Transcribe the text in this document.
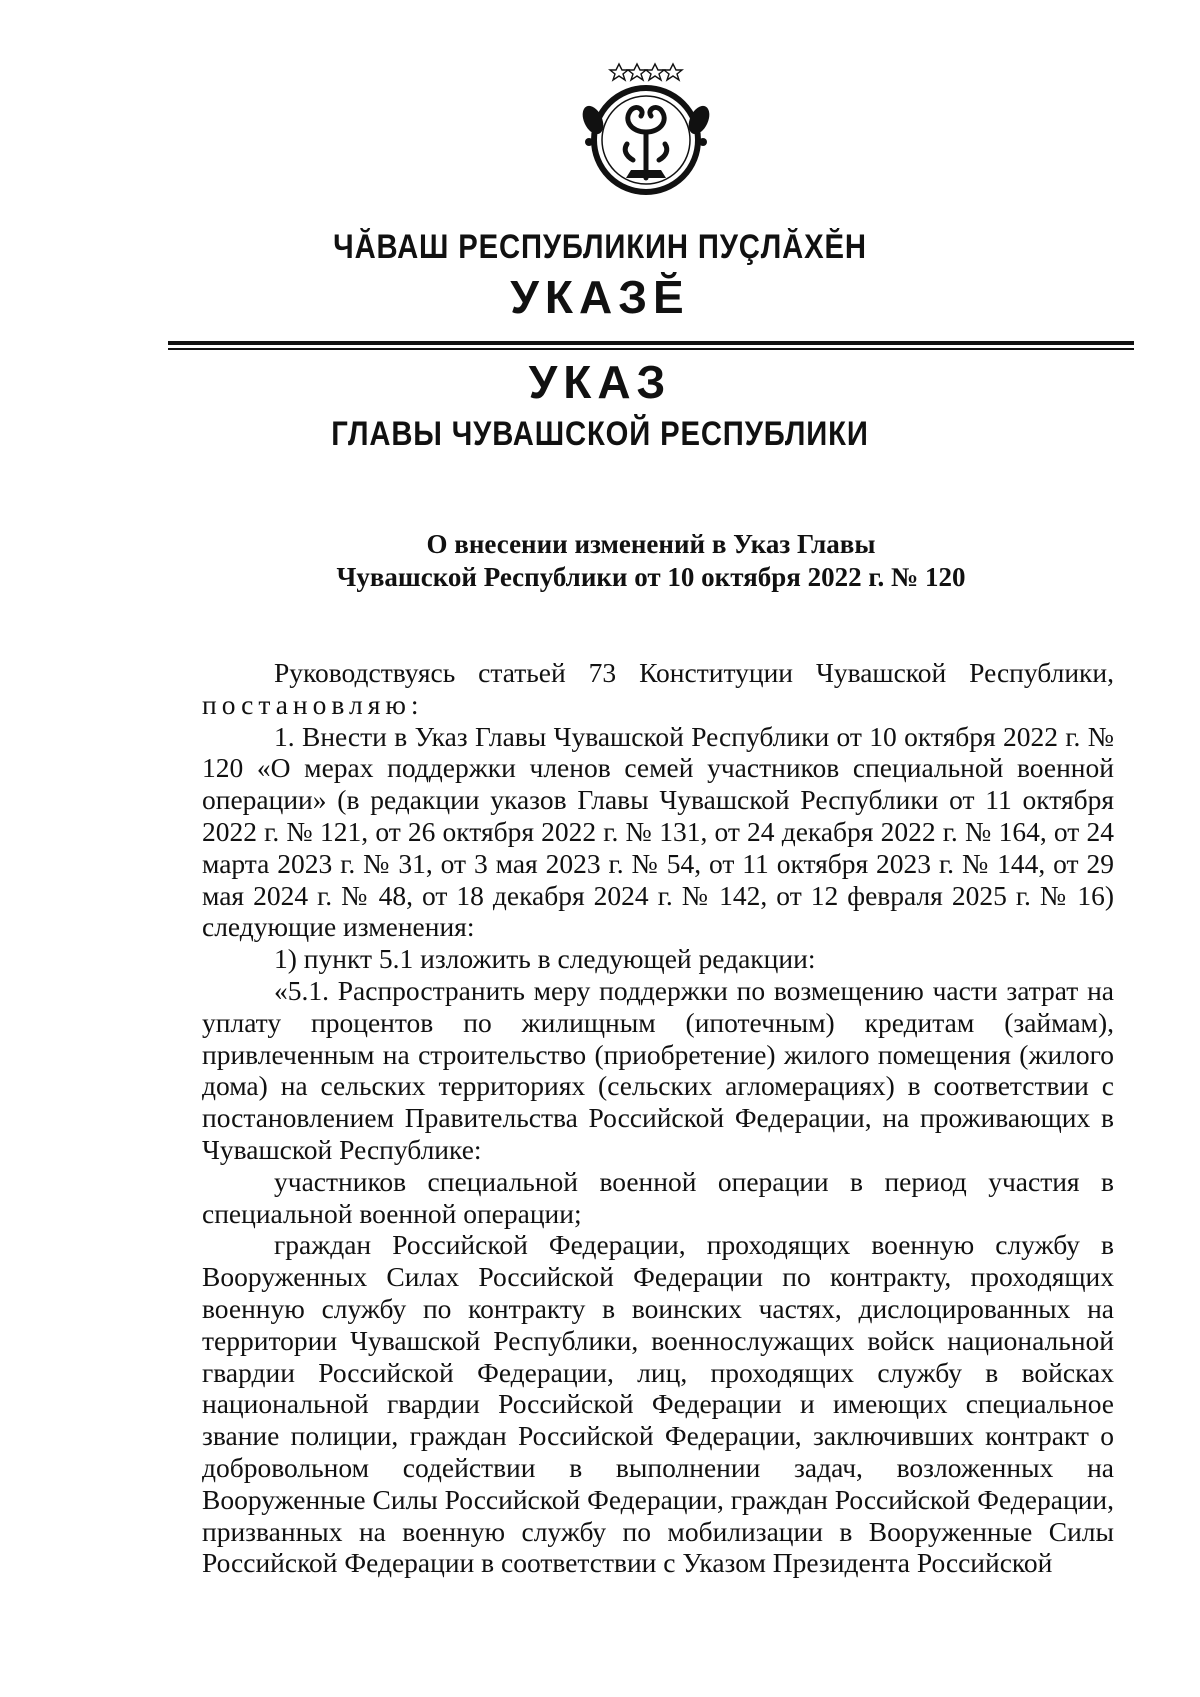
ЧĂВАШ РЕСПУБЛИКИН ПУÇЛĂХĔН
УКАЗĔ
УКАЗ
ГЛАВЫ ЧУВАШСКОЙ РЕСПУБЛИКИ
О внесении изменений в Указ Главы
Чувашской Республики от 10 октября 2022 г. № 120

Руководствуясь статьей 73 Конституции Чувашской Республики, постановляю:

1. Внести в Указ Главы Чувашской Республики от 10 октября 2022 г. № 120 «О мерах поддержки членов семей участников специальной военной операции» (в редакции указов Главы Чувашской Республики от 11 октября 2022 г. № 121, от 26 октября 2022 г. № 131, от 24 декабря 2022 г. № 164, от 24 марта 2023 г. № 31, от 3 мая 2023 г. № 54, от 11 октября 2023 г. № 144, от 29 мая 2024 г. № 48, от 18 декабря 2024 г. № 142, от 12 февраля 2025 г. № 16) следующие изменения:

1) пункт 5.1 изложить в следующей редакции:

«5.1. Распространить меру поддержки по возмещению части затрат на уплату процентов по жилищным (ипотечным) кредитам (займам), привлеченным на строительство (приобретение) жилого помещения (жилого дома) на сельских территориях (сельских агломерациях) в соответствии с постановлением Правительства Российской Федерации, на проживающих в Чувашской Республике:

участников специальной военной операции в период участия в специальной военной операции;

граждан Российской Федерации, проходящих военную службу в Вооруженных Силах Российской Федерации по контракту, проходящих военную службу по контракту в воинских частях, дислоцированных на территории Чувашской Республики, военнослужащих войск национальной гвардии Российской Федерации, лиц, проходящих службу в войсках национальной гвардии Российской Федерации и имеющих специальное звание полиции, граждан Российской Федерации, заключивших контракт о добровольном содействии в выполнении задач, возложенных на Вооруженные Силы Российской Федерации, граждан Российской Федерации, призванных на военную службу по мобилизации в Вооруженные Силы Российской Федерации в соответствии с Указом Президента Российской
